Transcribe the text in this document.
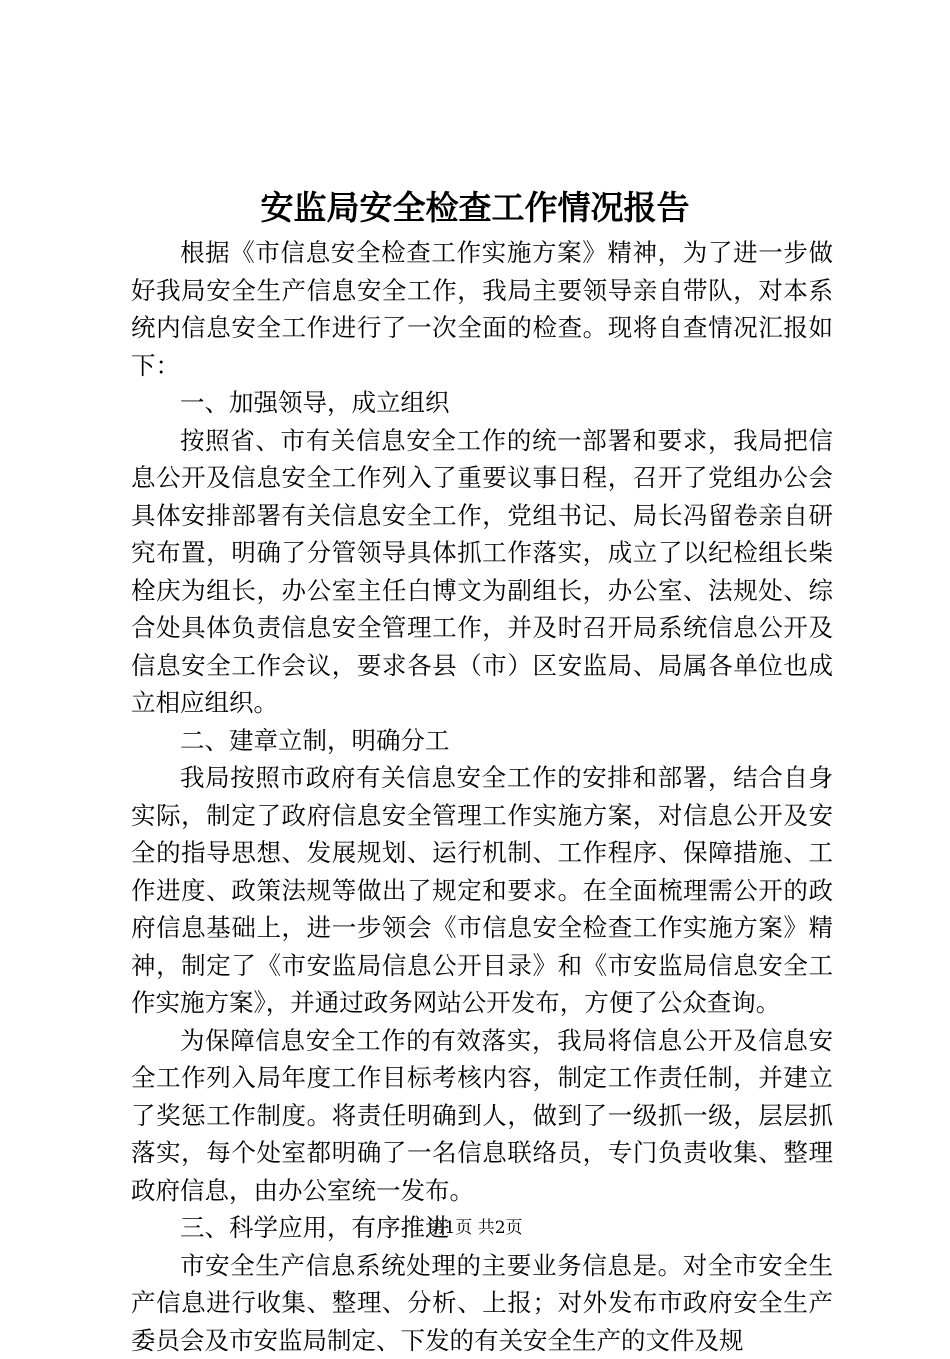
安监局安全检查工作情况报告

根据《市信息安全检查工作实施方案》精神，为了进一步做好我局安全生产信息安全工作，我局主要领导亲自带队，对本系统内信息安全工作进行了一次全面的检查。现将自查情况汇报如下：

一、加强领导，成立组织

按照省、市有关信息安全工作的统一部署和要求，我局把信息公开及信息安全工作列入了重要议事日程，召开了党组办公会具体安排部署有关信息安全工作，党组书记、局长冯留卷亲自研究布置，明确了分管领导具体抓工作落实，成立了以纪检组长柴栓庆为组长，办公室主任白博文为副组长，办公室、法规处、综合处具体负责信息安全管理工作，并及时召开局系统信息公开及信息安全工作会议，要求各县（市）区安监局、局属各单位也成立相应组织。

二、建章立制，明确分工

我局按照市政府有关信息安全工作的安排和部署，结合自身实际，制定了政府信息安全管理工作实施方案，对信息公开及安全的指导思想、发展规划、运行机制、工作程序、保障措施、工作进度、政策法规等做出了规定和要求。在全面梳理需公开的政府信息基础上，进一步领会《市信息安全检查工作实施方案》精神，制定了《市安监局信息公开目录》和《市安监局信息安全工作实施方案》，并通过政务网站公开发布，方便了公众查询。

为保障信息安全工作的有效落实，我局将信息公开及信息安全工作列入局年度工作目标考核内容，制定工作责任制，并建立了奖惩工作制度。将责任明确到人，做到了一级抓一级，层层抓落实，每个处室都明确了一名信息联络员，专门负责收集、整理政府信息，由办公室统一发布。

三、科学应用，有序推进

市安全生产信息系统处理的主要业务信息是。对全市安全生产信息进行收集、整理、分析、上报；对外发布市政府安全生产委员会及市安监局制定、下发的有关安全生产的文件及规

第1页 共2页
